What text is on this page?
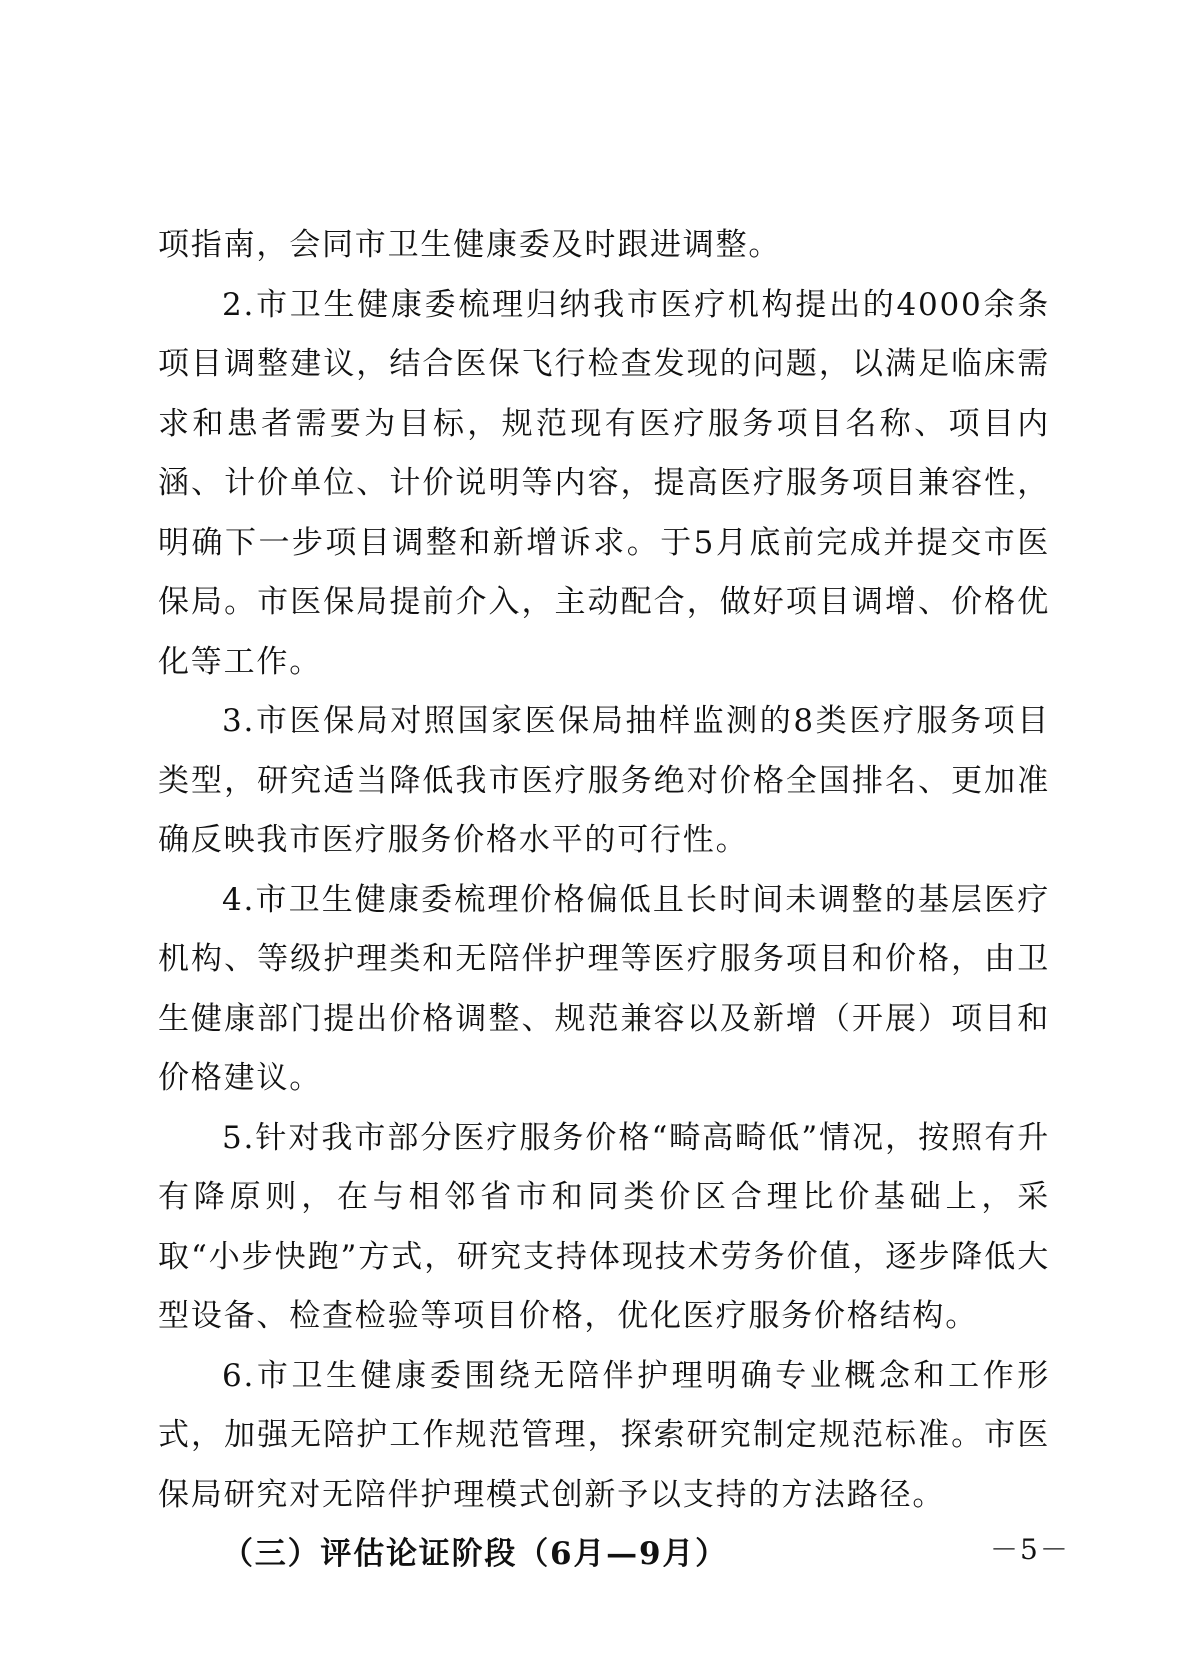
项指南，会同市卫生健康委及时跟进调整。

2.市卫生健康委梳理归纳我市医疗机构提出的4000余条项目调整建议，结合医保飞行检查发现的问题，以满足临床需求和患者需要为目标，规范现有医疗服务项目名称、项目内涵、计价单位、计价说明等内容，提高医疗服务项目兼容性，明确下一步项目调整和新增诉求。于5月底前完成并提交市医保局。市医保局提前介入，主动配合，做好项目调增、价格优化等工作。

3.市医保局对照国家医保局抽样监测的8类医疗服务项目类型，研究适当降低我市医疗服务绝对价格全国排名、更加准确反映我市医疗服务价格水平的可行性。

4.市卫生健康委梳理价格偏低且长时间未调整的基层医疗机构、等级护理类和无陪伴护理等医疗服务项目和价格，由卫生健康部门提出价格调整、规范兼容以及新增（开展）项目和价格建议。

5.针对我市部分医疗服务价格“畸高畸低”情况，按照有升有降原则，在与相邻省市和同类价区合理比价基础上，采取“小步快跑”方式，研究支持体现技术劳务价值，逐步降低大型设备、检查检验等项目价格，优化医疗服务价格结构。

6.市卫生健康委围绕无陪伴护理明确专业概念和工作形式，加强无陪护工作规范管理，探索研究制定规范标准。市医保局研究对无陪伴护理模式创新予以支持的方法路径。

（三）评估论证阶段（6月—9月）	－5－
